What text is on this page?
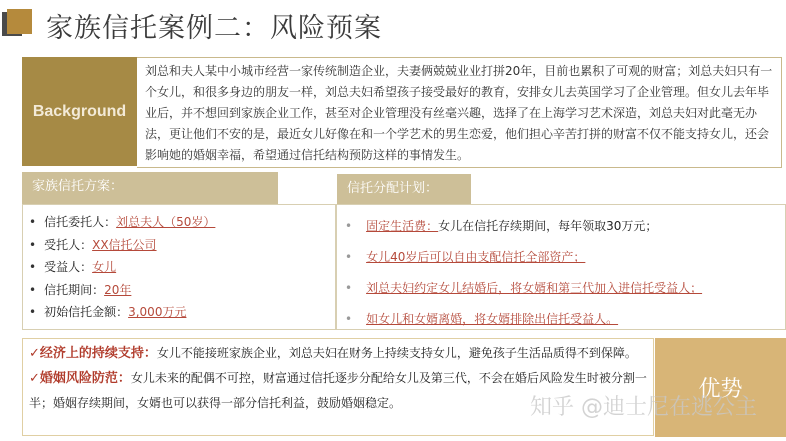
家族信托案例二：风险预案
Background
刘总和夫人某中小城市经营一家传统制造企业，夫妻俩兢兢业业打拼20年，目前也累积了可观的财富；刘总夫妇只有一个女儿，和很多身边的朋友一样，刘总夫妇希望孩子接受最好的教育，安排女儿去英国学习了企业管理。但女儿去年毕业后，并不想回到家族企业工作，甚至对企业管理没有丝毫兴趣，选择了在上海学习艺术深造，刘总夫妇对此毫无办法，更让他们不安的是，最近女儿好像在和一个学艺术的男生恋爱，他们担心辛苦打拼的财富不仅不能支持女儿，还会影响她的婚姻幸福，希望通过信托结构预防这样的事情发生。
家族信托方案：
• 信托委托人：刘总夫人（50岁）
• 受托人：XX信托公司
• 受益人：女儿
• 信托期间：20年
• 初始信托金额：3,000万元
信托分配计划：
• 固定生活费：女儿在信托存续期间，每年领取30万元；
• 女儿40岁后可以自由支配信托全部资产；
• 刘总夫妇约定女儿结婚后，将女婿和第三代加入进信托受益人；
• 如女儿和女婿离婚，将女婿排除出信托受益人。
✓经济上的持续支持：女儿不能接班家族企业，刘总夫妇在财务上持续支持女儿，避免孩子生活品质得不到保障。
✓婚姻风险防范：女儿未来的配偶不可控，财富通过信托逐步分配给女儿及第三代，不会在婚后风险发生时被分割一半；婚姻存续期间，女婿也可以获得一部分信托利益，鼓励婚姻稳定。
优势
知乎 @迪士尼在逃公主
